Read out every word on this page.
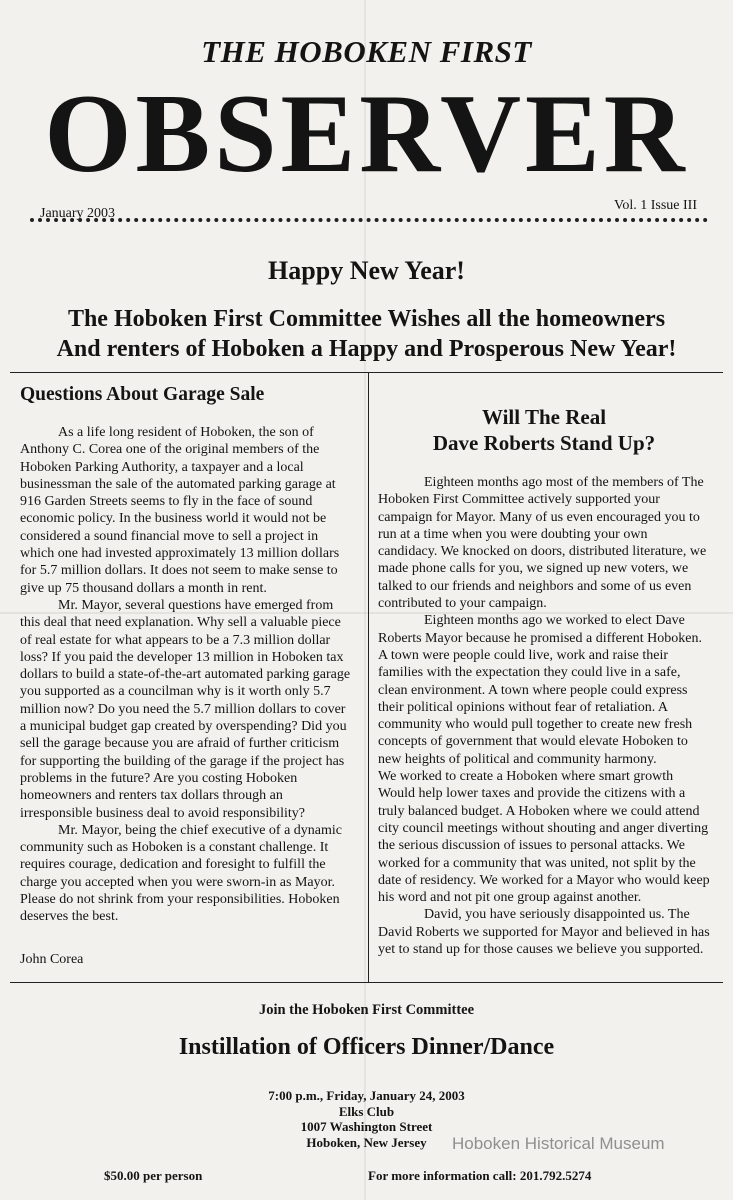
THE HOBOKEN FIRST
OBSERVER
January 2003
Vol. 1 Issue III
Happy New Year!
The Hoboken First Committee Wishes all the homeowners
And renters of Hoboken a Happy and Prosperous New Year!
Questions About Garage Sale

As a life long resident of Hoboken, the son of Anthony C. Corea one of the original members of the Hoboken Parking Authority, a taxpayer and a local businessman the sale of the automated parking garage at 916 Garden Streets seems to fly in the face of sound economic policy. In the business world it would not be considered a sound financial move to sell a project in which one had invested approximately 13 million dollars for 5.7 million dollars. It does not seem to make sense to give up 75 thousand dollars a month in rent.

Mr. Mayor, several questions have emerged from this deal that need explanation. Why sell a valuable piece of real estate for what appears to be a 7.3 million dollar loss? If you paid the developer 13 million in Hoboken tax dollars to build a state-of-the-art automated parking garage you supported as a councilman why is it worth only 5.7 million now? Do you need the 5.7 million dollars to cover a municipal budget gap created by overspending? Did you sell the garage because you are afraid of further criticism for supporting the building of the garage if the project has problems in the future? Are you costing Hoboken homeowners and renters tax dollars through an irresponsible business deal to avoid responsibility?

Mr. Mayor, being the chief executive of a dynamic community such as Hoboken is a constant challenge. It requires courage, dedication and foresight to fulfill the charge you accepted when you were sworn-in as Mayor. Please do not shrink from your responsibilities. Hoboken deserves the best.

John Corea
Will The Real
Dave Roberts Stand Up?

Eighteen months ago most of the members of The Hoboken First Committee actively supported your campaign for Mayor. Many of us even encouraged you to run at a time when you were doubting your own candidacy. We knocked on doors, distributed literature, we made phone calls for you, we signed up new voters, we talked to our friends and neighbors and some of us even contributed to your campaign.

Eighteen months ago we worked to elect Dave Roberts Mayor because he promised a different Hoboken. A town were people could live, work and raise their families with the expectation they could live in a safe, clean environment. A town where people could express their political opinions without fear of retaliation. A community who would pull together to create new fresh concepts of government that would elevate Hoboken to new heights of political and community harmony.

We worked to create a Hoboken where smart growth Would help lower taxes and provide the citizens with a truly balanced budget. A Hoboken where we could attend city council meetings without shouting and anger diverting the serious discussion of issues to personal attacks. We worked for a community that was united, not split by the date of residency. We worked for a Mayor who would keep his word and not pit one group against another.

David, you have seriously disappointed us. The David Roberts we supported for Mayor and believed in has yet to stand up for those causes we believe you supported.

Join the Hoboken First Committee
Instillation of Officers Dinner/Dance
7:00 p.m., Friday, January 24, 2003
Elks Club
1007 Washington Street
Hoboken, New Jersey
$50.00 per person	For more information call: 201.792.5274
Hoboken Historical Museum
